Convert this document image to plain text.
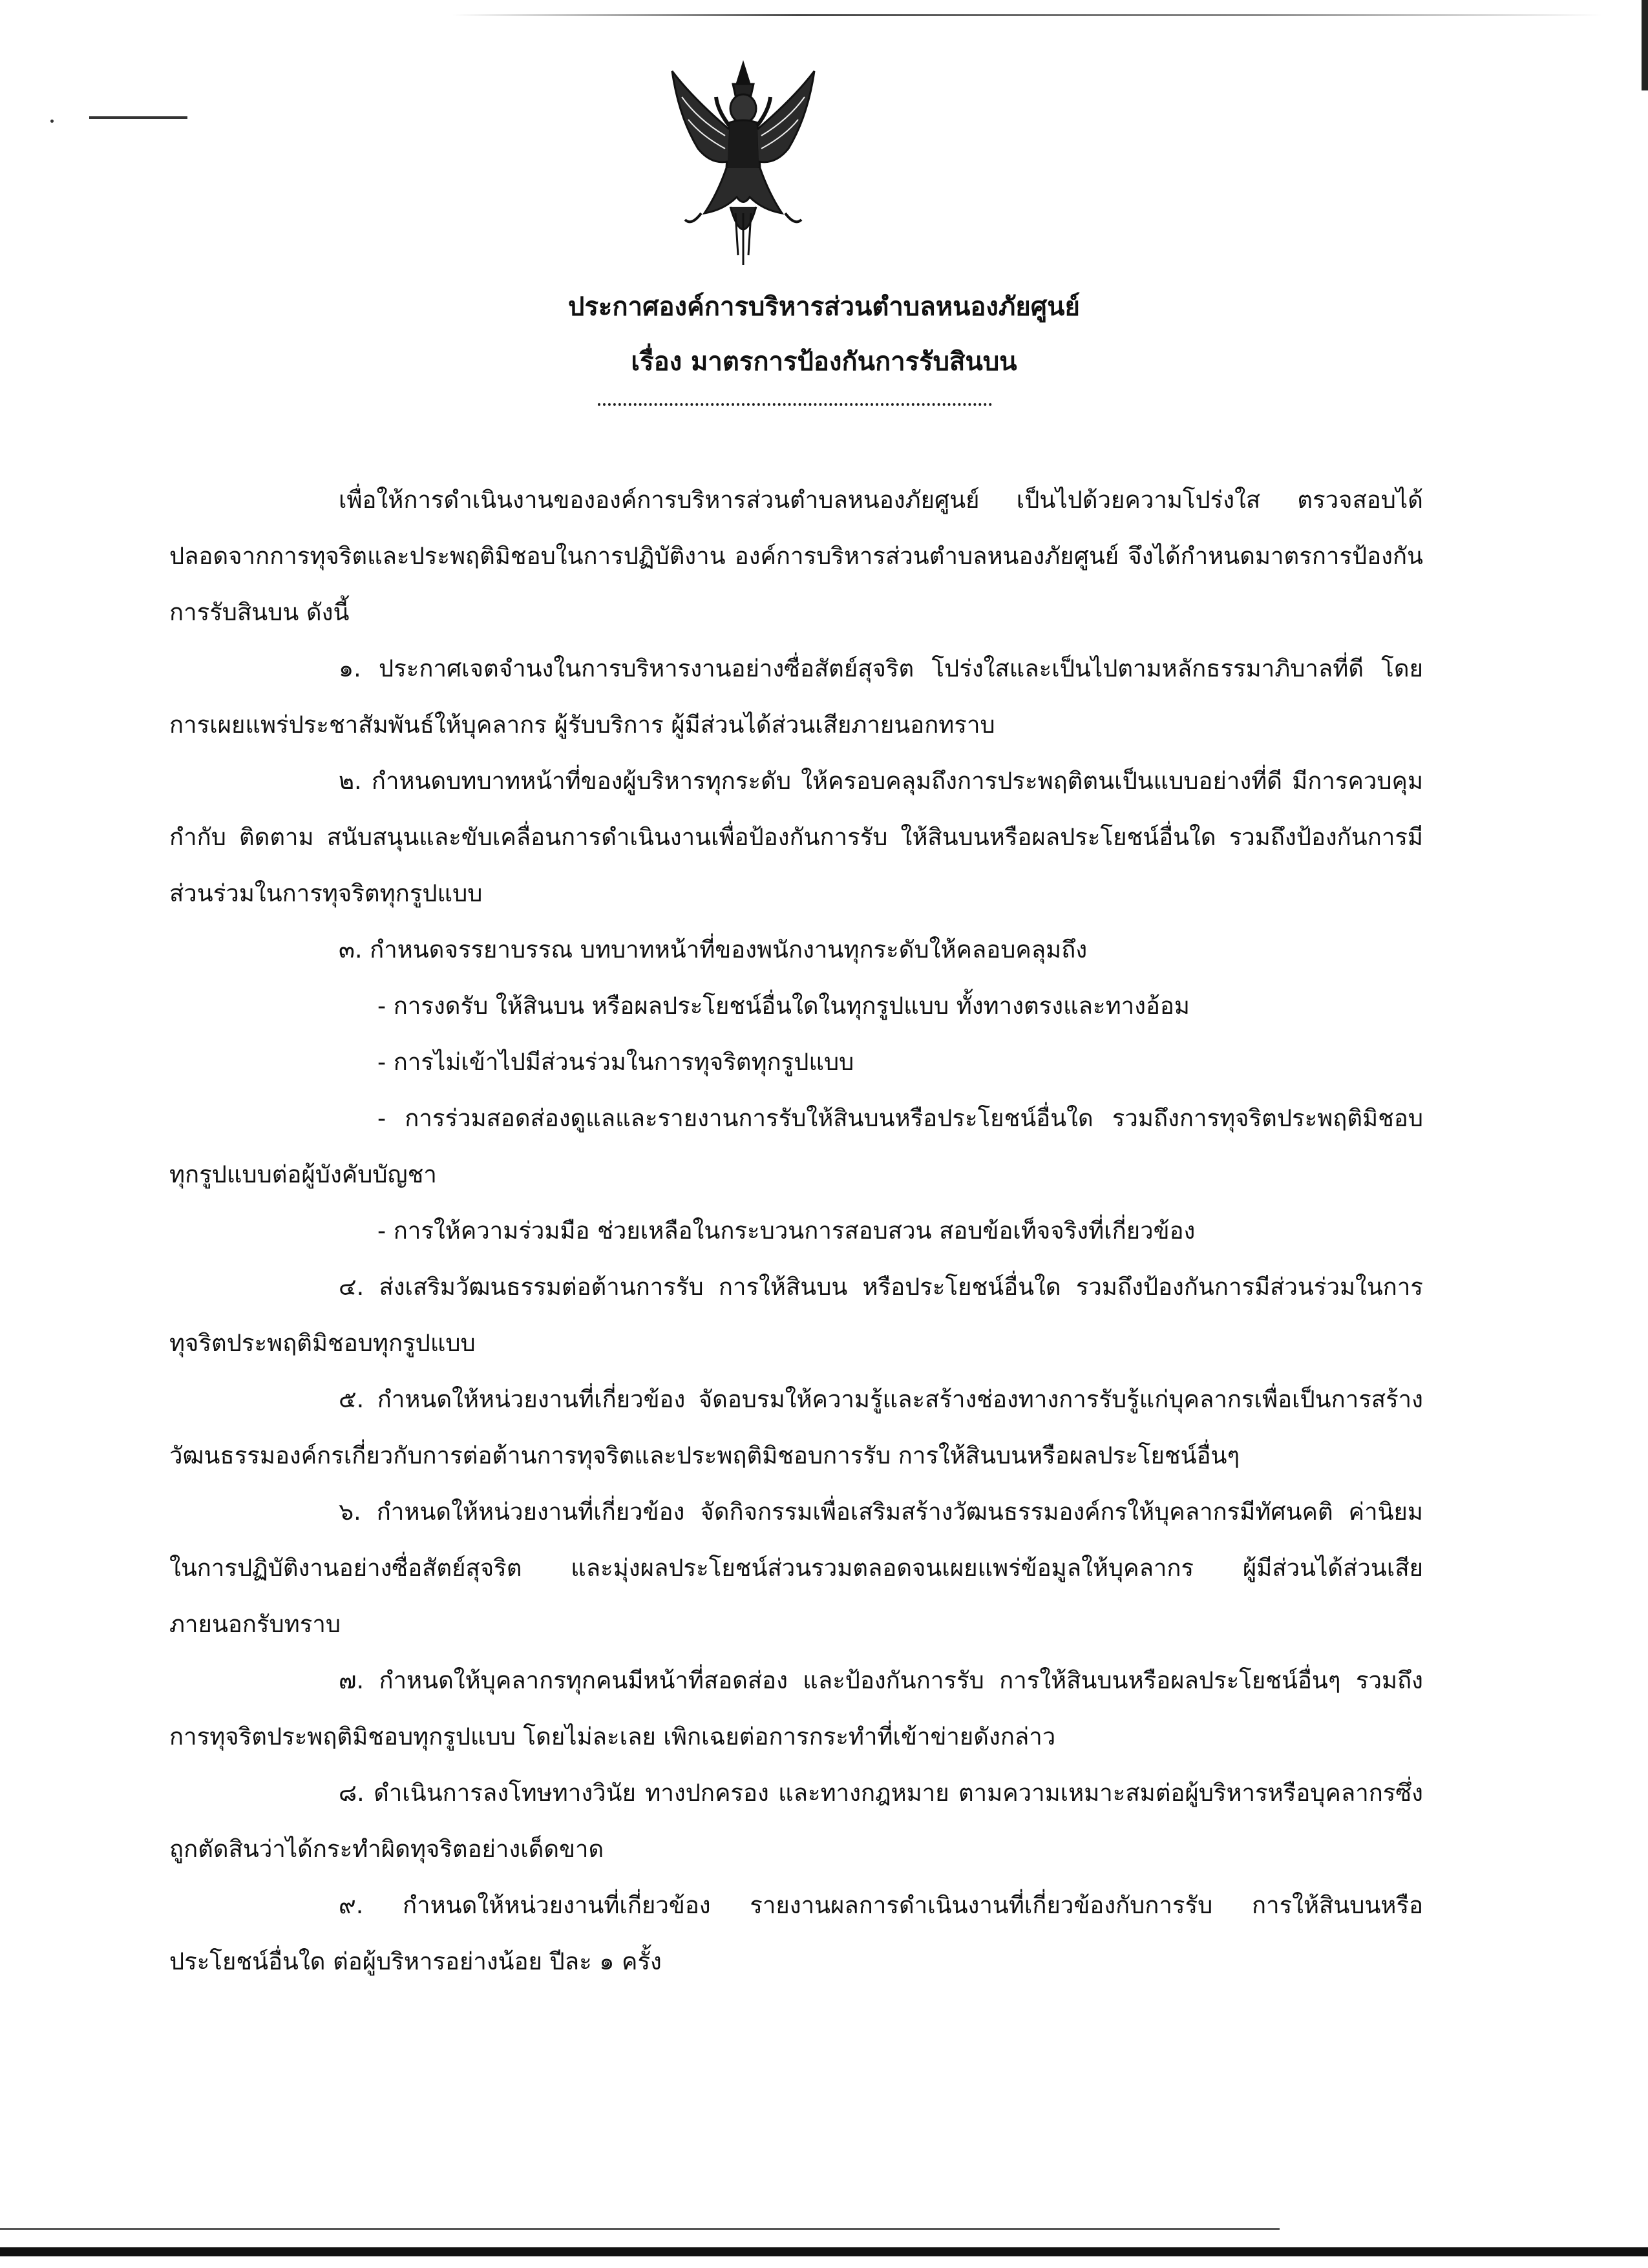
ประกาศองค์การบริหารส่วนตำบลหนองภัยศูนย์
เรื่อง มาตรการป้องกันการรับสินบน

เพื่อให้การดำเนินงานขององค์การบริหารส่วนตำบลหนองภัยศูนย์ เป็นไปด้วยความโปร่งใส ตรวจสอบได้ ปลอดจากการทุจริตและประพฤติมิชอบในการปฏิบัติงาน องค์การบริหารส่วนตำบลหนองภัยศูนย์ จึงได้กำหนดมาตรการป้องกันการรับสินบน ดังนี้

๑. ประกาศเจตจำนงในการบริหารงานอย่างซื่อสัตย์สุจริต โปร่งใสและเป็นไปตามหลักธรรมาภิบาลที่ดี โดยการเผยแพร่ประชาสัมพันธ์ให้บุคลากร ผู้รับบริการ ผู้มีส่วนได้ส่วนเสียภายนอกทราบ

๒. กำหนดบทบาทหน้าที่ของผู้บริหารทุกระดับ ให้ครอบคลุมถึงการประพฤติตนเป็นแบบอย่างที่ดี มีการควบคุม กำกับ ติดตาม สนับสนุนและขับเคลื่อนการดำเนินงานเพื่อป้องกันการรับ ให้สินบนหรือผลประโยชน์อื่นใด รวมถึงป้องกันการมีส่วนร่วมในการทุจริตทุกรูปแบบ

๓. กำหนดจรรยาบรรณ บทบาทหน้าที่ของพนักงานทุกระดับให้คลอบคลุมถึง

- การงดรับ ให้สินบน หรือผลประโยชน์อื่นใดในทุกรูปแบบ ทั้งทางตรงและทางอ้อม

- การไม่เข้าไปมีส่วนร่วมในการทุจริตทุกรูปแบบ

- การร่วมสอดส่องดูแลและรายงานการรับให้สินบนหรือประโยชน์อื่นใด รวมถึงการทุจริตประพฤติมิชอบทุกรูปแบบต่อผู้บังคับบัญชา

- การให้ความร่วมมือ ช่วยเหลือในกระบวนการสอบสวน สอบข้อเท็จจริงที่เกี่ยวข้อง

๔. ส่งเสริมวัฒนธรรมต่อต้านการรับ การให้สินบน หรือประโยชน์อื่นใด รวมถึงป้องกันการมีส่วนร่วมในการทุจริตประพฤติมิชอบทุกรูปแบบ

๕. กำหนดให้หน่วยงานที่เกี่ยวข้อง จัดอบรมให้ความรู้และสร้างช่องทางการรับรู้แก่บุคลากรเพื่อเป็นการสร้างวัฒนธรรมองค์กรเกี่ยวกับการต่อต้านการทุจริตและประพฤติมิชอบการรับ การให้สินบนหรือผลประโยชน์อื่นๆ

๖. กำหนดให้หน่วยงานที่เกี่ยวข้อง จัดกิจกรรมเพื่อเสริมสร้างวัฒนธรรมองค์กรให้บุคลากรมีทัศนคติ ค่านิยมในการปฏิบัติงานอย่างซื่อสัตย์สุจริต และมุ่งผลประโยชน์ส่วนรวมตลอดจนเผยแพร่ข้อมูลให้บุคลากร ผู้มีส่วนได้ส่วนเสียภายนอกรับทราบ

๗. กำหนดให้บุคลากรทุกคนมีหน้าที่สอดส่อง และป้องกันการรับ การให้สินบนหรือผลประโยชน์อื่นๆ รวมถึง การทุจริตประพฤติมิชอบทุกรูปแบบ โดยไม่ละเลย เพิกเฉยต่อการกระทำที่เข้าข่ายดังกล่าว

๘. ดำเนินการลงโทษทางวินัย ทางปกครอง และทางกฎหมาย ตามความเหมาะสมต่อผู้บริหารหรือบุคลากรซึ่งถูกตัดสินว่าได้กระทำผิดทุจริตอย่างเด็ดขาด

๙. กำหนดให้หน่วยงานที่เกี่ยวข้อง รายงานผลการดำเนินงานที่เกี่ยวข้องกับการรับ การให้สินบนหรือประโยชน์อื่นใด ต่อผู้บริหารอย่างน้อย ปีละ ๑ ครั้ง
